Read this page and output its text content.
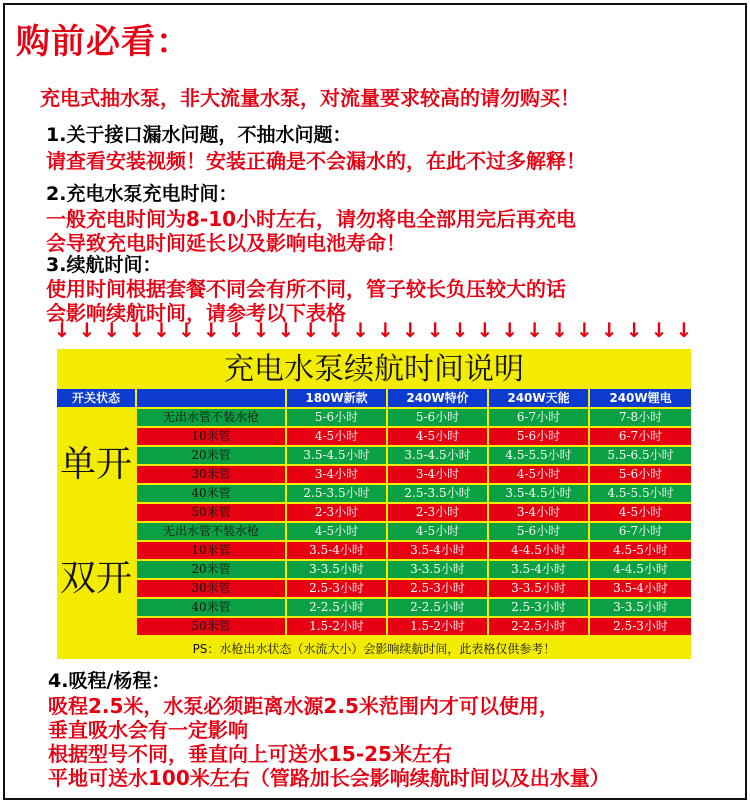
购前必看：
充电式抽水泵，非大流量水泵，对流量要求较高的请勿购买！
1.关于接口漏水问题，不抽水问题：
请查看安装视频！安装正确是不会漏水的，在此不过多解释！
2.充电水泵充电时间：
一般充电时间为8-10小时左右，请勿将电全部用完后再充电
会导致充电时间延长以及影响电池寿命！
3.续航时间：
使用时间根据套餐不同会有所不同，管子较长负压较大的话
会影响续航时间，请参考以下表格
↓ ↓ ↓ ↓ ↓ ↓ ↓ ↓ ↓ ↓ ↓ ↓ ↓ ↓ ↓ ↓ ↓ ↓ ↓ ↓ ↓ ↓ ↓ ↓ ↓ ↓
充电水泵续航时间说明
PS：水枪出水状态（水流大小）会影响续航时间，此表格仅供参考！
开关状态	180W新款	240W特价	240W天能	240W锂电
单开
无出水管不装水枪	5-6小时	5-6小时	6-7小时	7-8小时
10米管	4-5小时	4-5小时	5-6小时	6-7小时
20米管	3.5-4.5小时	3.5-4.5小时	4.5-5.5小时	5.5-6.5小时
30米管	3-4小时	3-4小时	4-5小时	5-6小时
40米管	2.5-3.5小时	2.5-3.5小时	3.5-4.5小时	4.5-5.5小时
50米管	2-3小时	2-3小时	3-4小时	4-5小时
双开
无出水管不装水枪	4-5小时	4-5小时	5-6小时	6-7小时
10米管	3.5-4小时	3.5-4小时	4-4.5小时	4.5-5小时
20米管	3-3.5小时	3-3.5小时	3.5-4小时	4-4.5小时
30米管	2.5-3小时	2.5-3小时	3-3.5小时	3.5-4小时
40米管	2-2.5小时	2-2.5小时	2.5-3小时	3-3.5小时
50米管	1.5-2小时	1.5-2小时	2-2.5小时	2.5-3小时
4.吸程/杨程：
吸程2.5米，水泵必须距离水源2.5米范围内才可以使用，
垂直吸水会有一定影响
根据型号不同，垂直向上可送水15-25米左右
平地可送水100米左右（管路加长会影响续航时间以及出水量）
